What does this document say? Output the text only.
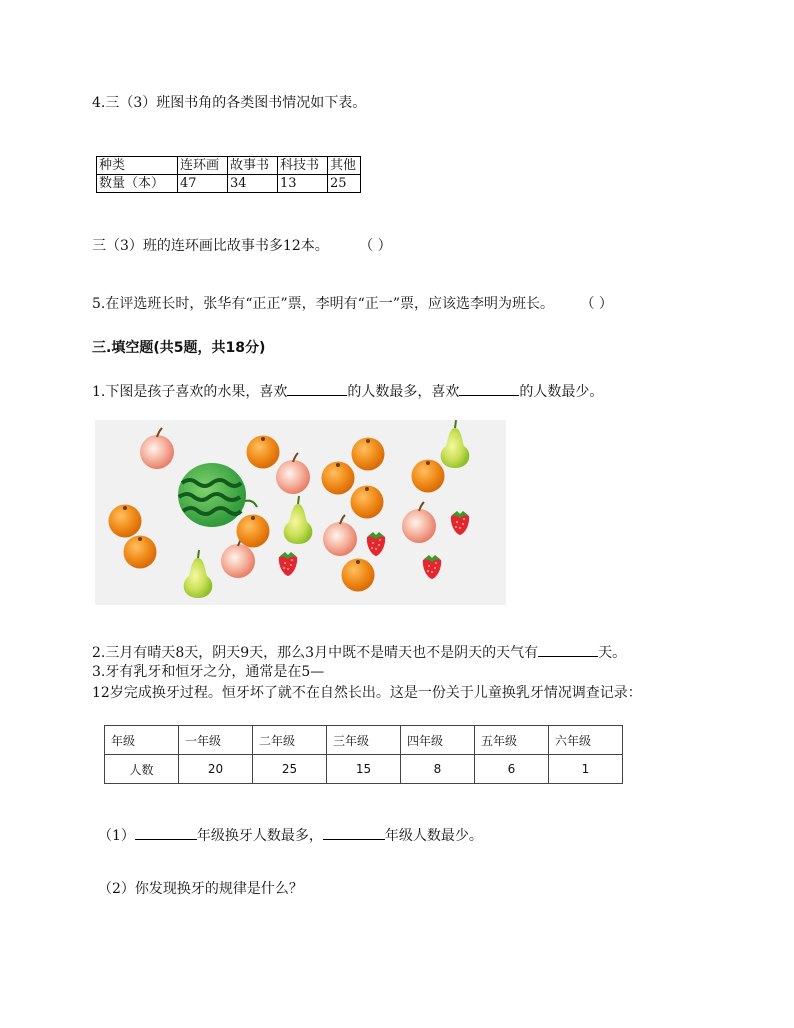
4.三（3）班图书角的各类图书情况如下表。
种类	连环画	故事书	科技书	其他
数量（本）	47	34	13	25
三（3）班的连环画比故事书多12本。 （ ）
5.在评选班长时，张华有“正正”票，李明有“正一”票，应该选李明为班长。 （ ）
三.填空题(共5题，共18分)
1.下图是孩子喜欢的水果，喜欢	的人数最多，喜欢	的人数最少。
2.三月有晴天8天，阴天9天，那么3月中既不是晴天也不是阴天的天气有	天。
3.牙有乳牙和恒牙之分，通常是在5—
12岁完成换牙过程。恒牙坏了就不在自然长出。这是一份关于儿童换乳牙情况调查记录：
年级	一年级	二年级	三年级	四年级	五年级	六年级
人数	20	25	15	8	6	1
（1）	年级换牙人数最多，	年级人数最少。
（2）你发现换牙的规律是什么？
